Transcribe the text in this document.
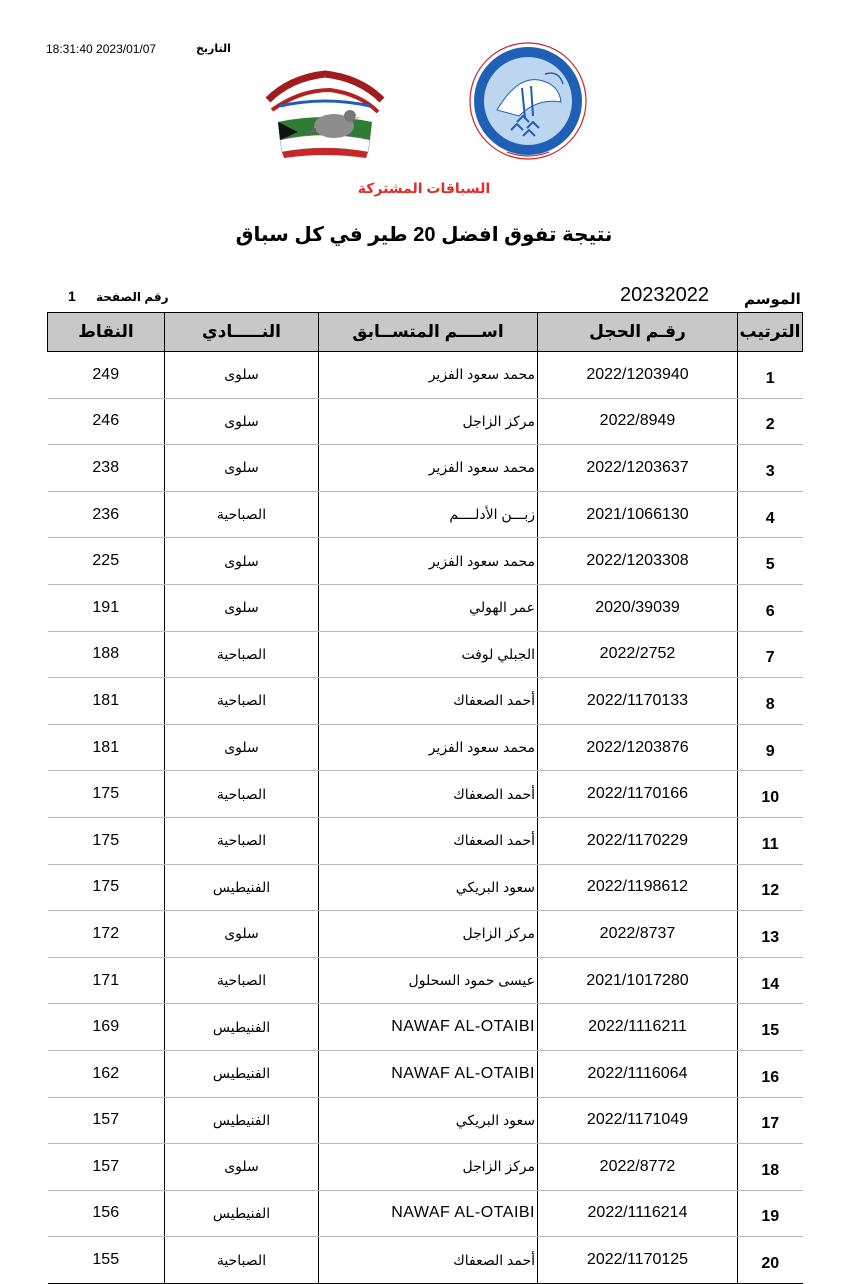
18:31:40 2023/01/07	التاريخ
السباقات المشتركة
نتيجة تفوق افضل 20 طير في كل سباق
الموسم
20232022
رقم الصفحة
1
النقاط	النـــــادي	اســــم المتســابق	رقـم الحجل	الترتيب
249	سلوى	محمد سعود الفزير	2022/1203940	1
246	سلوى	مركز الزاجل	2022/8949	2
238	سلوى	محمد سعود الفزير	2022/1203637	3
236	الصباحية	زبـــن الأدلــــم	2021/1066130	4
225	سلوى	محمد سعود الفزير	2022/1203308	5
191	سلوى	عمر الهولي	2020/39039	6
188	الصباحية	الجبلي لوفت	2022/2752	7
181	الصباحية	أحمد الصعفاك	2022/1170133	8
181	سلوى	محمد سعود الفزير	2022/1203876	9
175	الصباحية	أحمد الصعفاك	2022/1170166	10
175	الصباحية	أحمد الصعفاك	2022/1170229	11
175	الفنيطيس	سعود البريكي	2022/1198612	12
172	سلوى	مركز الزاجل	2022/8737	13
171	الصباحية	عيسى حمود السحلول	2021/1017280	14
169	الفنيطيس	NAWAF AL-OTAIBI	2022/1116211	15
162	الفنيطيس	NAWAF AL-OTAIBI	2022/1116064	16
157	الفنيطيس	سعود البريكي	2022/1171049	17
157	سلوى	مركز الزاجل	2022/8772	18
156	الفنيطيس	NAWAF AL-OTAIBI	2022/1116214	19
155	الصباحية	أحمد الصعفاك	2022/1170125	20
